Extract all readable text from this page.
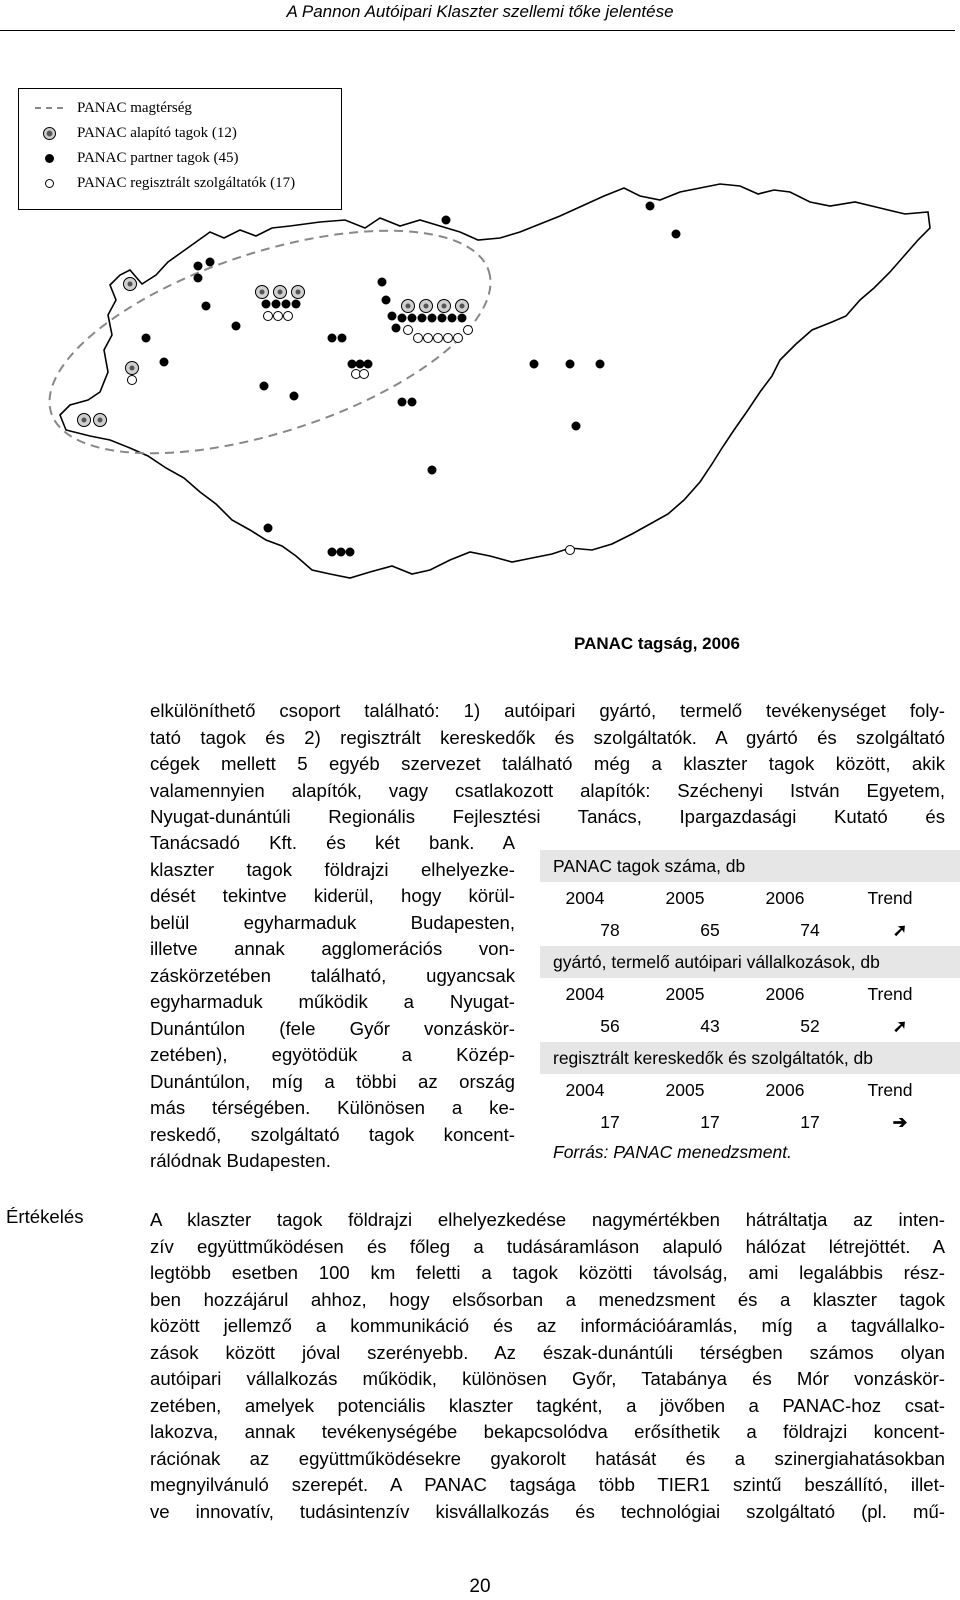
A Pannon Autóipari Klaszter szellemi tőke jelentése
PANAC magtérség
PANAC alapító tagok (12)
PANAC partner tagok (45)
PANAC regisztrált szolgáltatók (17)
PANAC tagság, 2006
elkülöníthető csoport található: 1) autóipari gyártó, termelő tevékenységet foly-
tató tagok és 2) regisztrált kereskedők és szolgáltatók. A gyártó és szolgáltató
cégek mellett 5 egyéb szervezet található még a klaszter tagok között, akik
valamennyien alapítók, vagy csatlakozott alapítók: Széchenyi István Egyetem,
Nyugat-dunántúli Regionális Fejlesztési Tanács, Ipargazdasági Kutató és
Tanácsadó Kft. és két bank. A
klaszter tagok földrajzi elhelyezke-
dését tekintve kiderül, hogy körül-
belül egyharmaduk Budapesten,
illetve annak agglomerációs von-
záskörzetében található, ugyancsak
egyharmaduk működik a Nyugat-
Dunántúlon (fele Győr vonzáskör-
zetében), egyötödük a Közép-
Dunántúlon, míg a többi az ország
más térségében. Különösen a ke-
reskedő, szolgáltató tagok koncent-
rálódnak Budapesten.
PANAC tagok száma, db
2004	2005	2006	Trend
78	65	74	➚
gyártó, termelő autóipari vállalkozások, db
2004	2005	2006	Trend
56	43	52	➚
regisztrált kereskedők és szolgáltatók, db
2004	2005	2006	Trend
17	17	17	➔
Forrás: PANAC menedzsment.
Értékelés	A klaszter tagok földrajzi elhelyezkedése nagymértékben hátráltatja az inten-
zív együttműködésen és főleg a tudásáramláson alapuló hálózat létrejöttét. A
legtöbb esetben 100 km feletti a tagok közötti távolság, ami legalábbis rész-
ben hozzájárul ahhoz, hogy elsősorban a menedzsment és a klaszter tagok
között jellemző a kommunikáció és az információáramlás, míg a tagvállalko-
zások között jóval szerényebb. Az észak-dunántúli térségben számos olyan
autóipari vállalkozás működik, különösen Győr, Tatabánya és Mór vonzáskör-
zetében, amelyek potenciális klaszter tagként, a jövőben a PANAC-hoz csat-
lakozva, annak tevékenységébe bekapcsolódva erősíthetik a földrajzi koncent-
rációnak az együttműködésekre gyakorolt hatását és a szinergiahatásokban
megnyilvánuló szerepét. A PANAC tagsága több TIER1 szintű beszállító, illet-
ve innovatív, tudásintenzív kisvállalkozás és technológiai szolgáltató (pl. mű-
20
